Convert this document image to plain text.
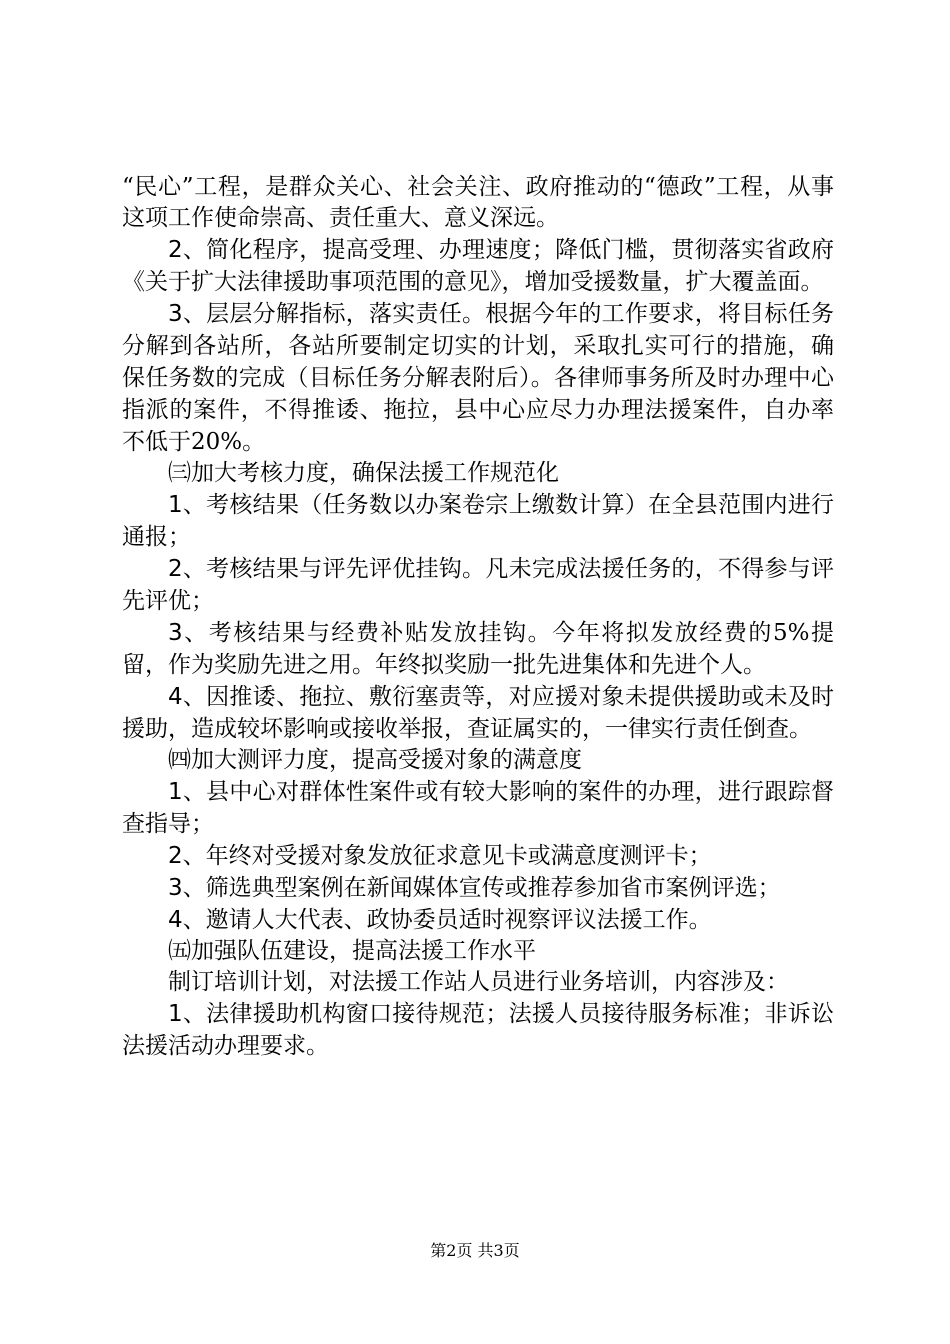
“民心”工程，是群众关心、社会关注、政府推动的“德政”工程，从事这项工作使命崇高、责任重大、意义深远。

2、简化程序，提高受理、办理速度；降低门槛，贯彻落实省政府《关于扩大法律援助事项范围的意见》，增加受援数量，扩大覆盖面。

3、层层分解指标，落实责任。根据今年的工作要求，将目标任务分解到各站所，各站所要制定切实的计划，采取扎实可行的措施，确保任务数的完成（目标任务分解表附后）。各律师事务所及时办理中心指派的案件，不得推诿、拖拉，县中心应尽力办理法援案件，自办率不低于20%。

㈢加大考核力度，确保法援工作规范化

1、考核结果（任务数以办案卷宗上缴数计算）在全县范围内进行通报；

2、考核结果与评先评优挂钩。凡未完成法援任务的，不得参与评先评优；

3、考核结果与经费补贴发放挂钩。今年将拟发放经费的5%提留，作为奖励先进之用。年终拟奖励一批先进集体和先进个人。

4、因推诿、拖拉、敷衍塞责等，对应援对象未提供援助或未及时援助，造成较坏影响或接收举报，查证属实的，一律实行责任倒查。

㈣加大测评力度，提高受援对象的满意度

1、县中心对群体性案件或有较大影响的案件的办理，进行跟踪督查指导；

2、年终对受援对象发放征求意见卡或满意度测评卡；

3、筛选典型案例在新闻媒体宣传或推荐参加省市案例评选；

4、邀请人大代表、政协委员适时视察评议法援工作。

㈤加强队伍建设，提高法援工作水平

制订培训计划，对法援工作站人员进行业务培训，内容涉及：

1、法律援助机构窗口接待规范；法援人员接待服务标准；非诉讼法援活动办理要求。

第2页 共3页
